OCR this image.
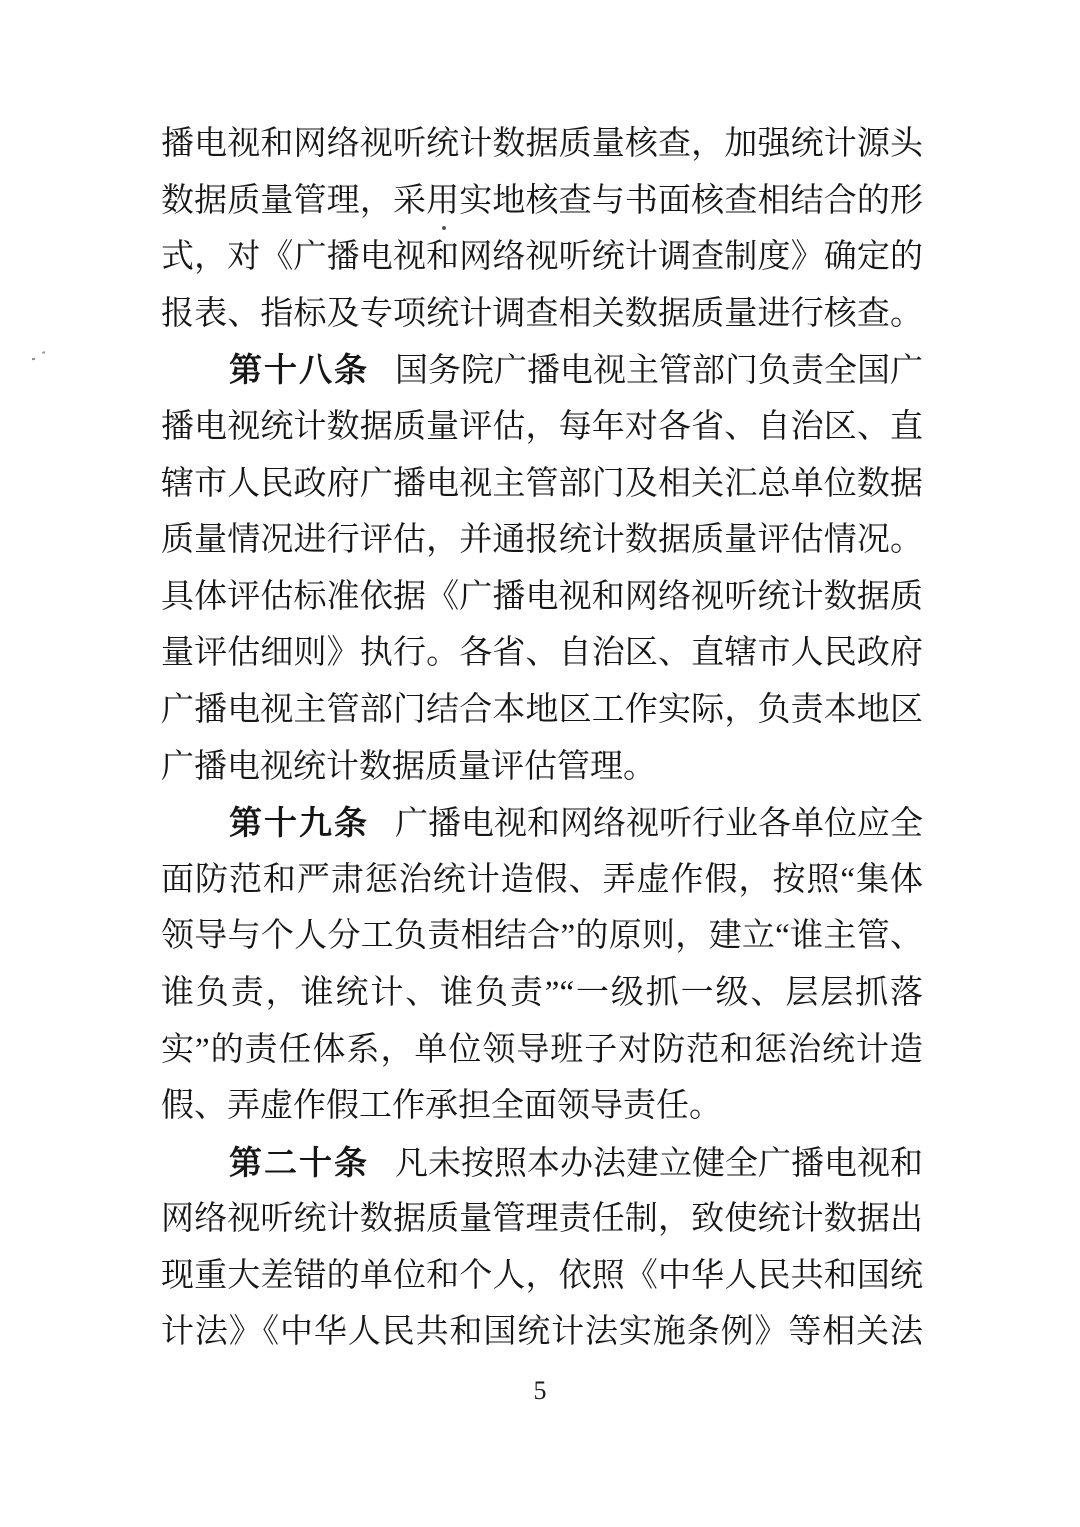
播电视和网络视听统计数据质量核查，加强统计源头
数据质量管理，采用实地核查与书面核查相结合的形
式，对《广播电视和网络视听统计调查制度》确定的
报表、指标及专项统计调查相关数据质量进行核查。
第十八条 国务院广播电视主管部门负责全国广
播电视统计数据质量评估，每年对各省、自治区、直
辖市人民政府广播电视主管部门及相关汇总单位数据
质量情况进行评估，并通报统计数据质量评估情况。
具体评估标准依据《广播电视和网络视听统计数据质
量评估细则》执行。各省、自治区、直辖市人民政府
广播电视主管部门结合本地区工作实际，负责本地区
广播电视统计数据质量评估管理。
第十九条 广播电视和网络视听行业各单位应全
面防范和严肃惩治统计造假、弄虚作假，按照“集体
领导与个人分工负责相结合”的原则，建立“谁主管、
谁负责，谁统计、谁负责”“一级抓一级、层层抓落
实”的责任体系，单位领导班子对防范和惩治统计造
假、弄虚作假工作承担全面领导责任。
第二十条 凡未按照本办法建立健全广播电视和
网络视听统计数据质量管理责任制，致使统计数据出
现重大差错的单位和个人，依照《中华人民共和国统
计法》《中华人民共和国统计法实施条例》等相关法
5
